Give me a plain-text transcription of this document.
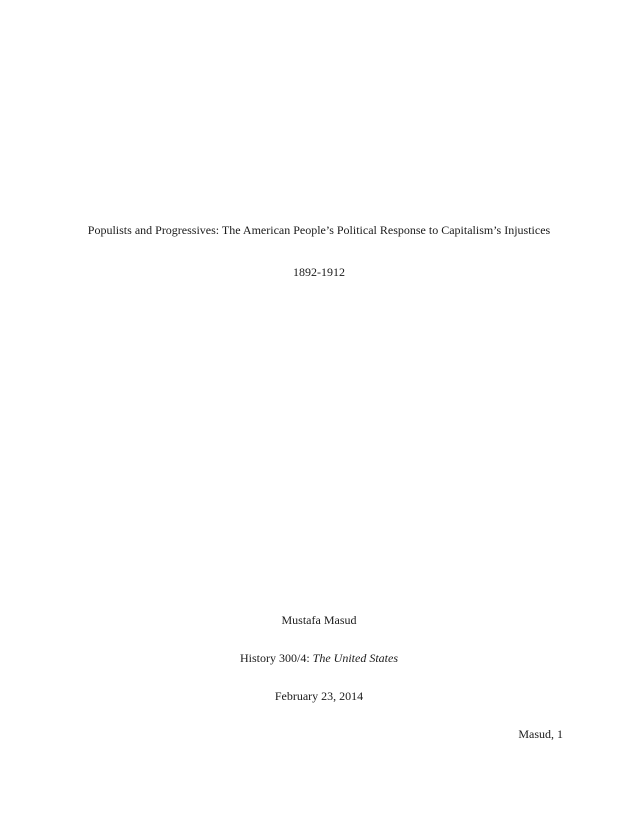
Populists and Progressives: The American People’s Political Response to Capitalism’s Injustices
1892-1912
Mustafa Masud
History 300/4: The United States
February 23, 2014
Masud, 1
